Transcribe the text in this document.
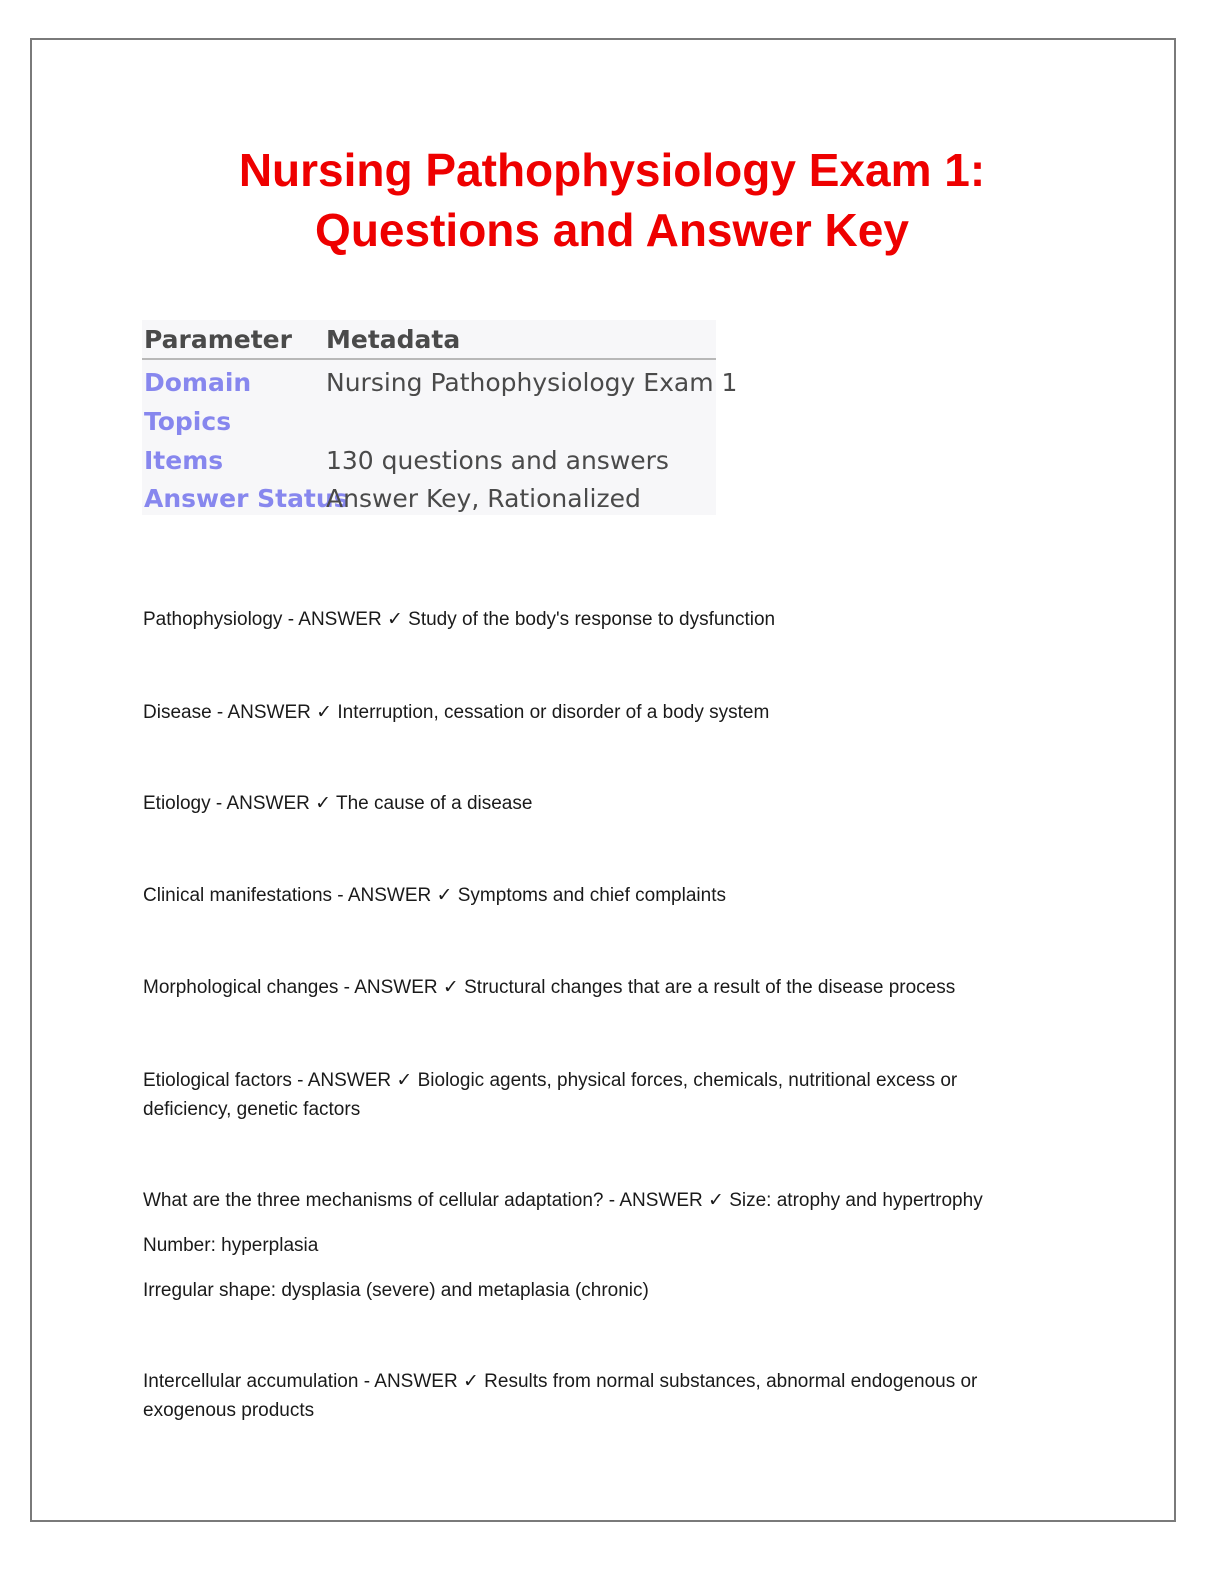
Nursing Pathophysiology Exam 1:
Questions and Answer Key
Parameter Metadata
Domain	Nursing Pathophysiology Exam 1
Topics
Items	130 questions and answers
Answer Status
Answer Key, Rationalized

Pathophysiology - ANSWER ✓ Study of the body's response to dysfunction

Disease - ANSWER ✓ Interruption, cessation or disorder of a body system

Etiology - ANSWER ✓ The cause of a disease

Clinical manifestations - ANSWER ✓ Symptoms and chief complaints

Morphological changes - ANSWER ✓ Structural changes that are a result of the disease process

Etiological factors - ANSWER ✓ Biologic agents, physical forces, chemicals, nutritional excess or deficiency, genetic factors

What are the three mechanisms of cellular adaptation? - ANSWER ✓ Size: atrophy and hypertrophy

Number: hyperplasia

Irregular shape: dysplasia (severe) and metaplasia (chronic)

Intercellular accumulation - ANSWER ✓ Results from normal substances, abnormal endogenous or exogenous products
